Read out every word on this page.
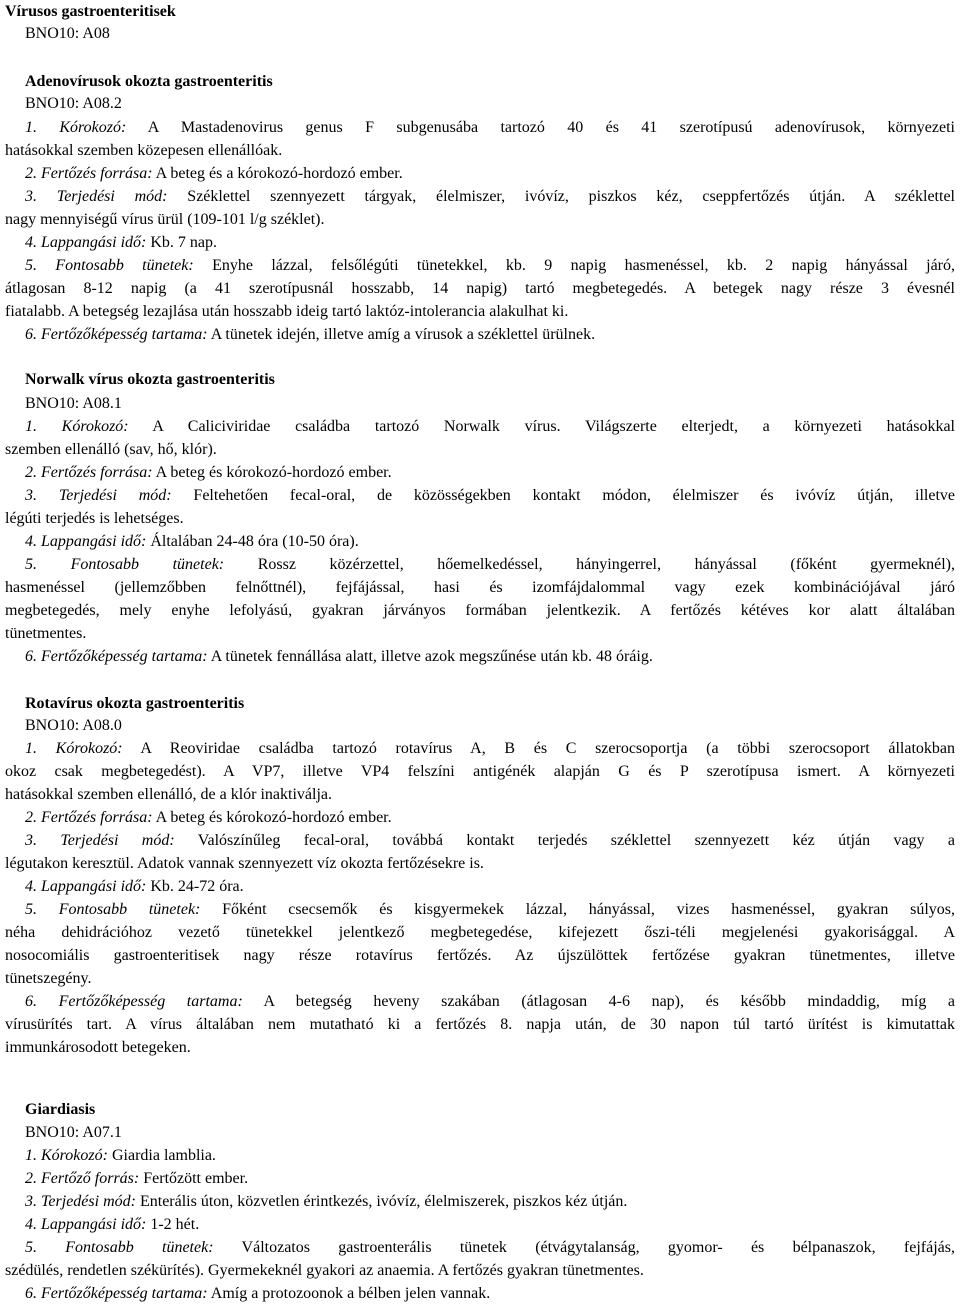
Vírusos gastroenteritisek
BNO10: A08
Adenovírusok okozta gastroenteritis
BNO10: A08.2
1. Kórokozó: A Mastadenovirus genus F subgenusába tartozó 40 és 41 szerotípusú adenovírusok, környezeti
hatásokkal szemben közepesen ellenállóak.
2. Fertőzés forrása: A beteg és a kórokozó-hordozó ember.
3. Terjedési mód: Széklettel szennyezett tárgyak, élelmiszer, ivóvíz, piszkos kéz, cseppfertőzés útján. A széklettel
nagy mennyiségű vírus ürül (109-101 l/g széklet).
4. Lappangási idő: Kb. 7 nap.
5. Fontosabb tünetek: Enyhe lázzal, felsőlégúti tünetekkel, kb. 9 napig hasmenéssel, kb. 2 napig hányással járó,
átlagosan 8-12 napig (a 41 szerotípusnál hosszabb, 14 napig) tartó megbetegedés. A betegek nagy része 3 évesnél
fiatalabb. A betegség lezajlása után hosszabb ideig tartó laktóz-intolerancia alakulhat ki.
6. Fertőzőképesség tartama: A tünetek idején, illetve amíg a vírusok a széklettel ürülnek.
Norwalk vírus okozta gastroenteritis
BNO10: A08.1
1. Kórokozó: A Caliciviridae családba tartozó Norwalk vírus. Világszerte elterjedt, a környezeti hatásokkal
szemben ellenálló (sav, hő, klór).
2. Fertőzés forrása: A beteg és kórokozó-hordozó ember.
3. Terjedési mód: Feltehetően fecal-oral, de közösségekben kontakt módon, élelmiszer és ivóvíz útján, illetve
légúti terjedés is lehetséges.
4. Lappangási idő: Általában 24-48 óra (10-50 óra).
5. Fontosabb tünetek: Rossz közérzettel, hőemelkedéssel, hányingerrel, hányással (főként gyermeknél),
hasmenéssel (jellemzőbben felnőttnél), fejfájással, hasi és izomfájdalommal vagy ezek kombinációjával járó
megbetegedés, mely enyhe lefolyású, gyakran járványos formában jelentkezik. A fertőzés kétéves kor alatt általában
tünetmentes.
6. Fertőzőképesség tartama: A tünetek fennállása alatt, illetve azok megszűnése után kb. 48 óráig.
Rotavírus okozta gastroenteritis
BNO10: A08.0
1. Kórokozó: A Reoviridae családba tartozó rotavírus A, B és C szerocsoportja (a többi szerocsoport állatokban
okoz csak megbetegedést). A VP7, illetve VP4 felszíni antigénék alapján G és P szerotípusa ismert. A környezeti
hatásokkal szemben ellenálló, de a klór inaktiválja.
2. Fertőzés forrása: A beteg és kórokozó-hordozó ember.
3. Terjedési mód: Valószínűleg fecal-oral, továbbá kontakt terjedés széklettel szennyezett kéz útján vagy a
légutakon keresztül. Adatok vannak szennyezett víz okozta fertőzésekre is.
4. Lappangási idő: Kb. 24-72 óra.
5. Fontosabb tünetek: Főként csecsemők és kisgyermekek lázzal, hányással, vizes hasmenéssel, gyakran súlyos,
néha dehidrációhoz vezető tünetekkel jelentkező megbetegedése, kifejezett őszi-téli megjelenési gyakorisággal. A
nosocomiális gastroenteritisek nagy része rotavírus fertőzés. Az újszülöttek fertőzése gyakran tünetmentes, illetve
tünetszegény.
6. Fertőzőképesség tartama: A betegség heveny szakában (átlagosan 4-6 nap), és később mindaddig, míg a
vírusürítés tart. A vírus általában nem mutatható ki a fertőzés 8. napja után, de 30 napon túl tartó ürítést is kimutattak
immunkárosodott betegeken.
Giardiasis
BNO10: A07.1
1. Kórokozó: Giardia lamblia.
2. Fertőző forrás: Fertőzött ember.
3. Terjedési mód: Enterális úton, közvetlen érintkezés, ivóvíz, élelmiszerek, piszkos kéz útján.
4. Lappangási idő: 1-2 hét.
5. Fontosabb tünetek: Változatos gastroenterális tünetek (étvágytalanság, gyomor- és bélpanaszok, fejfájás,
szédülés, rendetlen székürítés). Gyermekeknél gyakori az anaemia. A fertőzés gyakran tünetmentes.
6. Fertőzőképesség tartama: Amíg a protozoonok a bélben jelen vannak.
